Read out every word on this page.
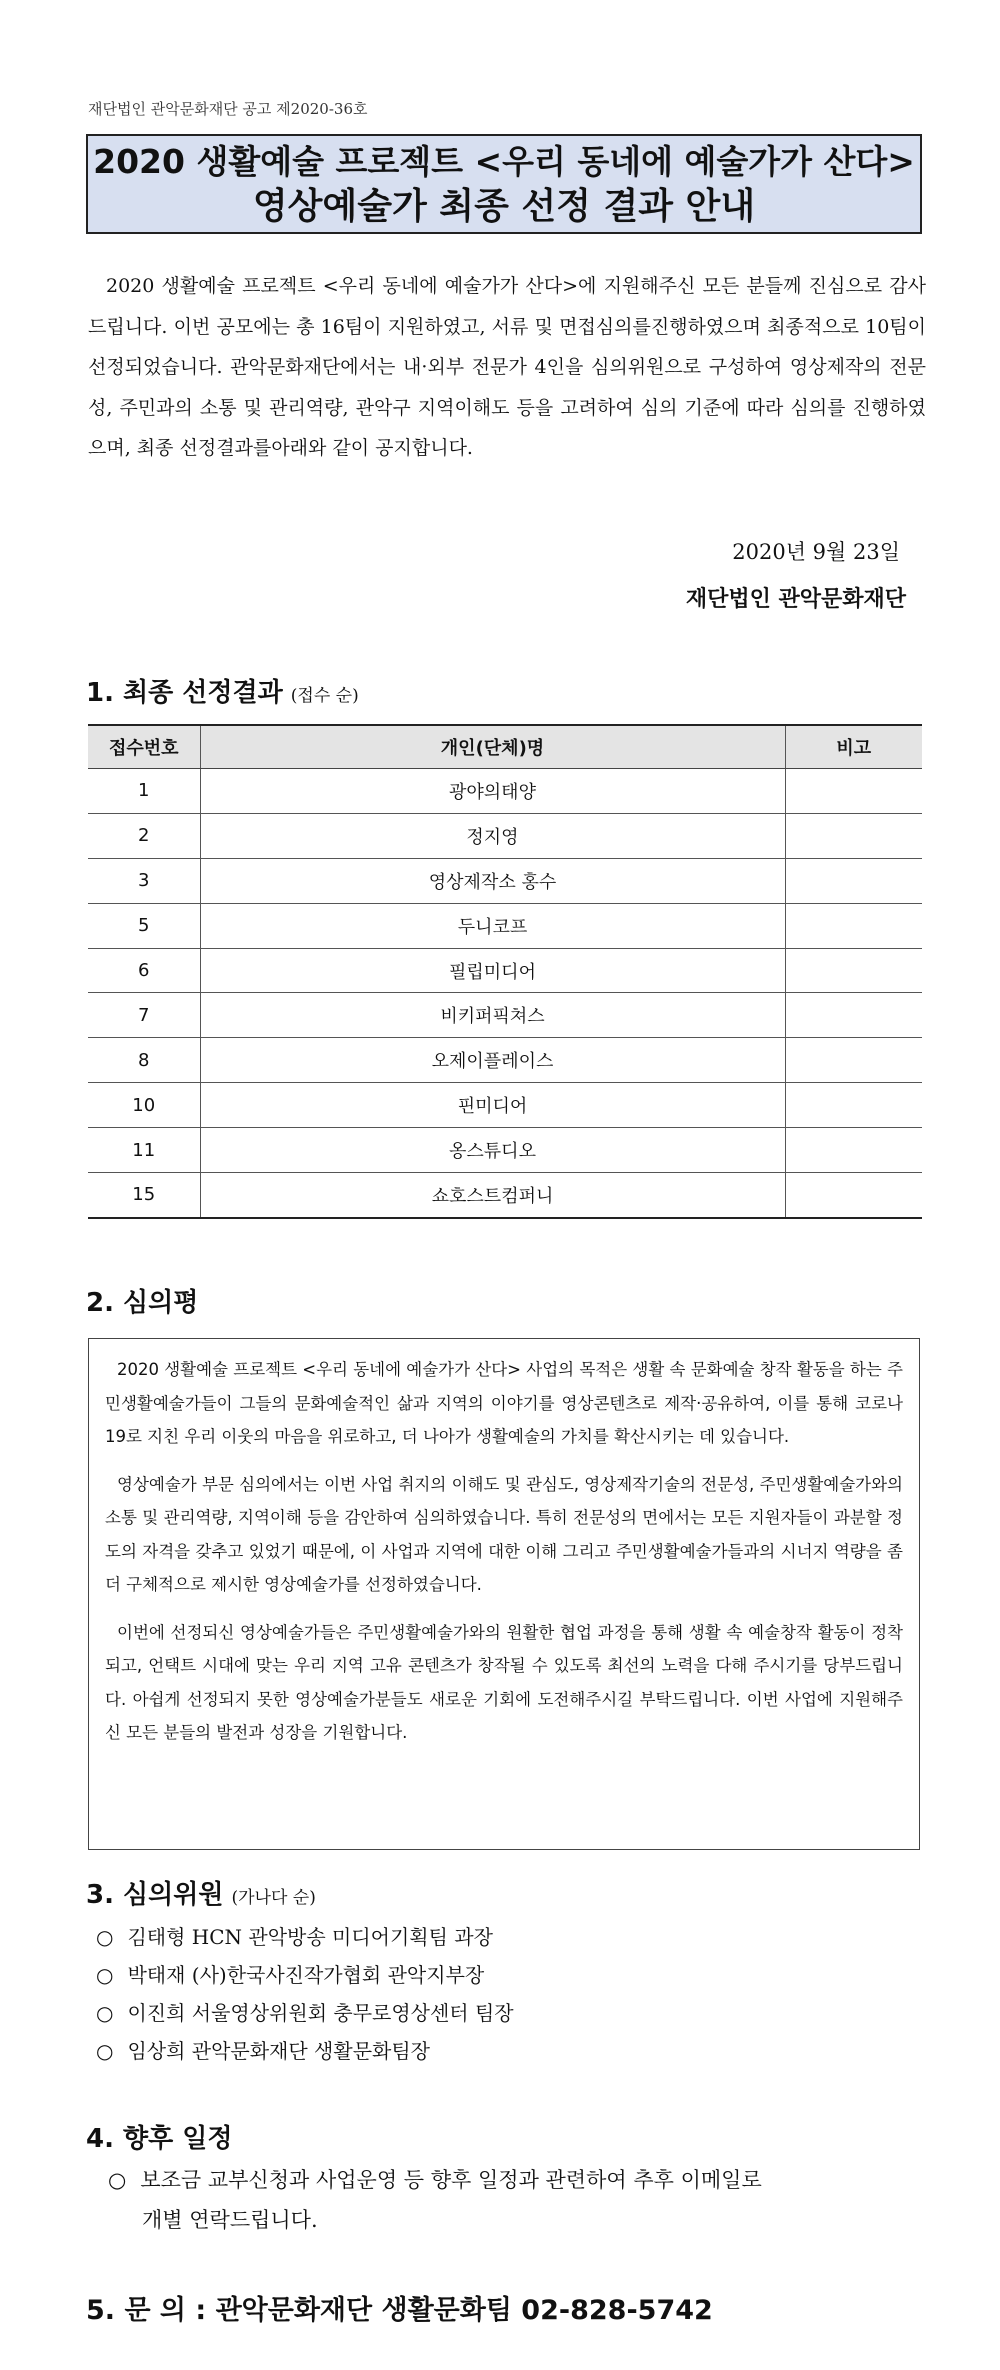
재단법인 관악문화재단 공고 제2020-36호
2020 생활예술 프로젝트 <우리 동네에 예술가가 산다>
영상예술가 최종 선정 결과 안내
2020 생활예술 프로젝트 <우리 동네에 예술가가 산다>에 지원해주신 모든 분들께 진심으로 감사드립니다. 이번 공모에는 총 16팀이 지원하였고, 서류 및 면접심의를진행하였으며 최종적으로 10팀이 선정되었습니다. 관악문화재단에서는 내·외부 전문가 4인을 심의위원으로 구성하여 영상제작의 전문성, 주민과의 소통 및 관리역량, 관악구 지역이해도 등을 고려하여 심의 기준에 따라 심의를 진행하였으며, 최종 선정결과를아래와 같이 공지합니다.
2020년 9월 23일
재단법인 관악문화재단
1. 최종 선정결과 (접수 순)
접수번호	개인(단체)명	비고
1	광야의태양	
2	정지영	
3	영상제작소 홍수	
5	두니코프	
6	필립미디어	
7	비키퍼픽쳐스	
8	오제이플레이스	
10	핀미디어	
11	옹스튜디오	
15	쇼호스트컴퍼니	
2. 심의평

2020 생활예술 프로젝트 <우리 동네에 예술가가 산다> 사업의 목적은 생활 속 문화예술 창작 활동을 하는 주민생활예술가들이 그들의 문화예술적인 삶과 지역의 이야기를 영상콘텐츠로 제작·공유하여, 이를 통해 코로나19로 지친 우리 이웃의 마음을 위로하고, 더 나아가 생활예술의 가치를 확산시키는 데 있습니다.

영상예술가 부문 심의에서는 이번 사업 취지의 이해도 및 관심도, 영상제작기술의 전문성, 주민생활예술가와의 소통 및 관리역량, 지역이해 등을 감안하여 심의하였습니다. 특히 전문성의 면에서는 모든 지원자들이 과분할 정도의 자격을 갖추고 있었기 때문에, 이 사업과 지역에 대한 이해 그리고 주민생활예술가들과의 시너지 역량을 좀 더 구체적으로 제시한 영상예술가를 선정하였습니다.

이번에 선정되신 영상예술가들은 주민생활예술가와의 원활한 협업 과정을 통해 생활 속 예술창작 활동이 정착되고, 언택트 시대에 맞는 우리 지역 고유 콘텐츠가 창작될 수 있도록 최선의 노력을 다해 주시기를 당부드립니다. 아쉽게 선정되지 못한 영상예술가분들도 새로운 기회에 도전해주시길 부탁드립니다. 이번 사업에 지원해주신 모든 분들의 발전과 성장을 기원합니다.

3. 심의위원 (가나다 순)
○ 김태형 HCN 관악방송 미디어기획팀 과장
○ 박태재 (사)한국사진작가협회 관악지부장
○ 이진희 서울영상위원회 충무로영상센터 팀장
○ 임상희 관악문화재단 생활문화팀장
4. 향후 일정
○ 보조금 교부신청과 사업운영 등 향후 일정과 관련하여 추후 이메일로
개별 연락드립니다.
5. 문 의 : 관악문화재단 생활문화팀 02-828-5742
